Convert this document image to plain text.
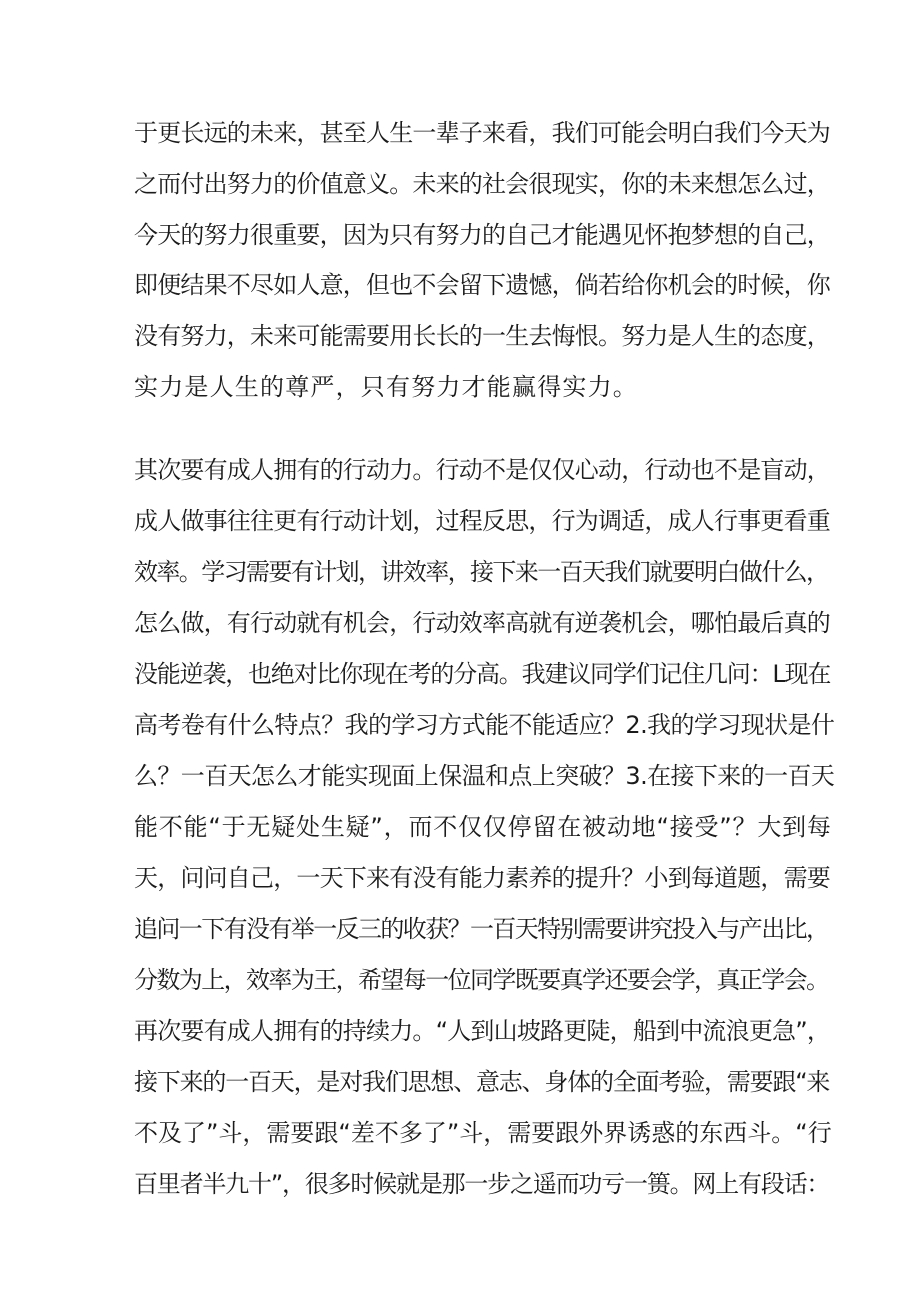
于更长远的未来，甚至人生一辈子来看，我们可能会明白我们今天为
之而付出努力的价值意义。未来的社会很现实，你的未来想怎么过，
今天的努力很重要，因为只有努力的自己才能遇见怀抱梦想的自己，
即便结果不尽如人意，但也不会留下遗憾，倘若给你机会的时候，你
没有努力，未来可能需要用长长的一生去悔恨。努力是人生的态度，
实力是人生的尊严，只有努力才能赢得实力。
其次要有成人拥有的行动力。行动不是仅仅心动，行动也不是盲动，
成人做事往往更有行动计划，过程反思，行为调适，成人行事更看重
效率。学习需要有计划，讲效率，接下来一百天我们就要明白做什么，
怎么做，有行动就有机会，行动效率高就有逆袭机会，哪怕最后真的
没能逆袭，也绝对比你现在考的分高。我建议同学们记住几问：L现在
高考卷有什么特点？我的学习方式能不能适应？2.我的学习现状是什
么？一百天怎么才能实现面上保温和点上突破？3.在接下来的一百天
能不能“于无疑处生疑”，而不仅仅停留在被动地“接受”？大到每
天，问问自己，一天下来有没有能力素养的提升？小到每道题，需要
追问一下有没有举一反三的收获？一百天特别需要讲究投入与产出比，
分数为上，效率为王，希望每一位同学既要真学还要会学，真正学会。
再次要有成人拥有的持续力。“人到山坡路更陡，船到中流浪更急”，
接下来的一百天，是对我们思想、意志、身体的全面考验，需要跟“来
不及了”斗，需要跟“差不多了”斗，需要跟外界诱惑的东西斗。“行
百里者半九十”，很多时候就是那一步之遥而功亏一篑。网上有段话：
